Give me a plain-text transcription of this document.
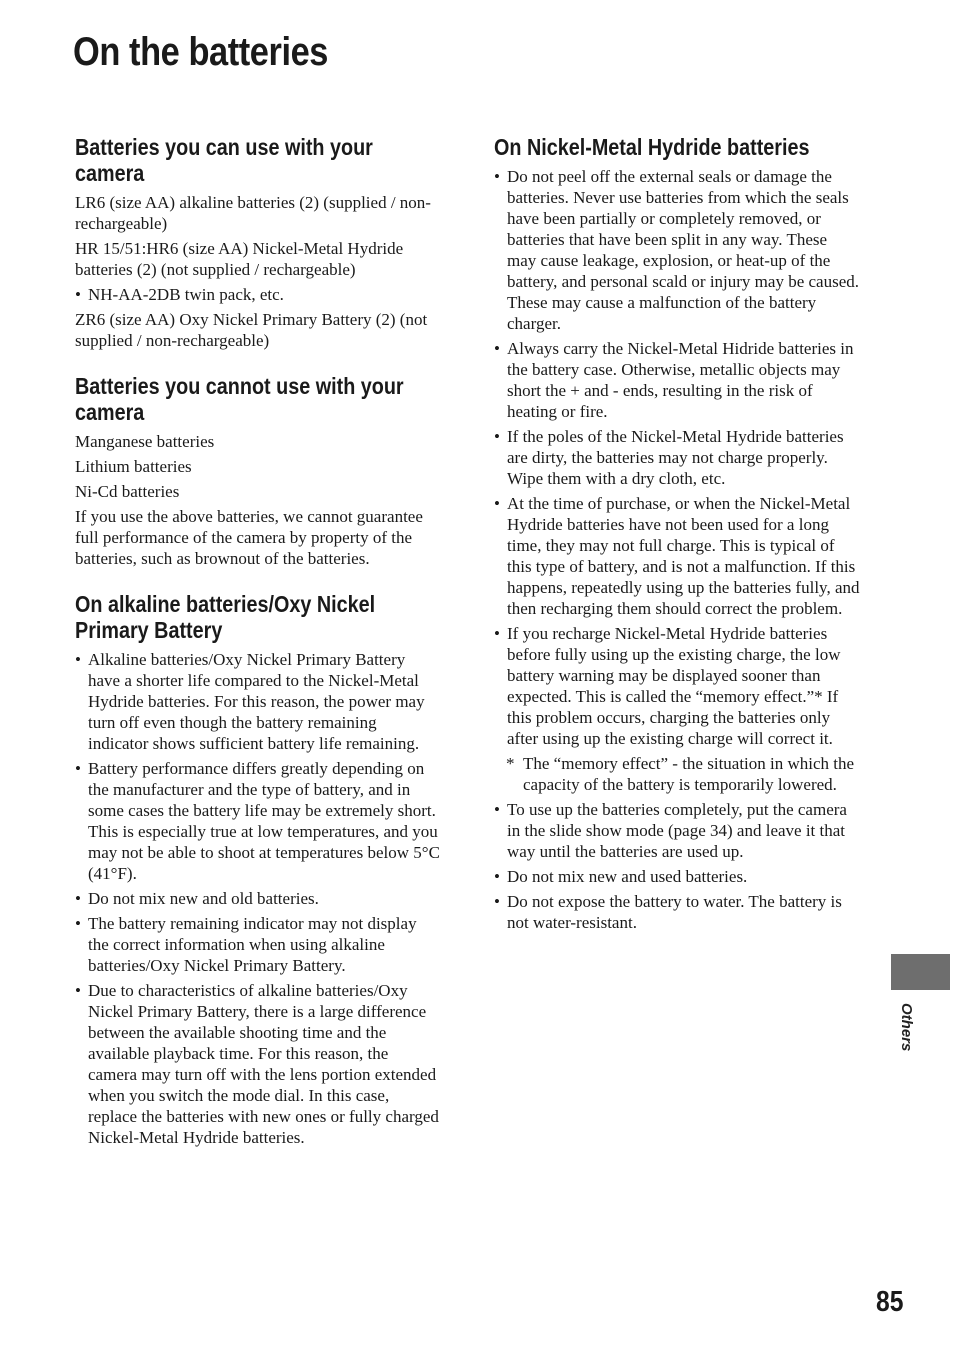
On the batteries
Batteries you can use with your camera

LR6 (size AA) alkaline batteries (2) (supplied / non-rechargeable)

HR 15/51:HR6 (size AA) Nickel-Metal Hydride batteries (2) (not supplied / rechargeable)

• NH-AA-2DB twin pack, etc.

ZR6 (size AA) Oxy Nickel Primary Battery (2) (not supplied / non-rechargeable)

Batteries you cannot use with your camera

Manganese batteries

Lithium batteries

Ni-Cd batteries

If you use the above batteries, we cannot guarantee full performance of the camera by property of the batteries, such as brownout of the batteries.

On alkaline batteries/Oxy Nickel Primary Battery
• Alkaline batteries/Oxy Nickel Primary Battery have a shorter life compared to the Nickel-Metal Hydride batteries. For this reason, the power may turn off even though the battery remaining indicator shows sufficient battery life remaining.
• Battery performance differs greatly depending on the manufacturer and the type of battery, and in some cases the battery life may be extremely short. This is especially true at low temperatures, and you may not be able to shoot at temperatures below 5°C (41°F).
• Do not mix new and old batteries.
• The battery remaining indicator may not display the correct information when using alkaline batteries/Oxy Nickel Primary Battery.
• Due to characteristics of alkaline batteries/Oxy Nickel Primary Battery, there is a large difference between the available shooting time and the available playback time. For this reason, the camera may turn off with the lens portion extended when you switch the mode dial. In this case, replace the batteries with new ones or fully charged Nickel-Metal Hydride batteries.
On Nickel-Metal Hydride batteries
• Do not peel off the external seals or damage the batteries. Never use batteries from which the seals have been partially or completely removed, or batteries that have been split in any way. These may cause leakage, explosion, or heat-up of the battery, and personal scald or injury may be caused. These may cause a malfunction of the battery charger.
• Always carry the Nickel-Metal Hidride batteries in the battery case. Otherwise, metallic objects may short the + and - ends, resulting in the risk of heating or fire.
• If the poles of the Nickel-Metal Hydride batteries are dirty, the batteries may not charge properly. Wipe them with a dry cloth, etc.
• At the time of purchase, or when the Nickel-Metal Hydride batteries have not been used for a long time, they may not full charge. This is typical of this type of battery, and is not a malfunction. If this happens, repeatedly using up the batteries fully, and then recharging them should correct the problem.
• If you recharge Nickel-Metal Hydride batteries before fully using up the existing charge, the low battery warning may be displayed sooner than expected. This is called the “memory effect.”* If this problem occurs, charging the batteries only after using up the existing charge will correct it.
* The “memory effect” - the situation in which the capacity of the battery is temporarily lowered.
• To use up the batteries completely, put the camera in the slide show mode (page 34) and leave it that way until the batteries are used up.
• Do not mix new and used batteries.
• Do not expose the battery to water. The battery is not water-resistant.
Others
85
